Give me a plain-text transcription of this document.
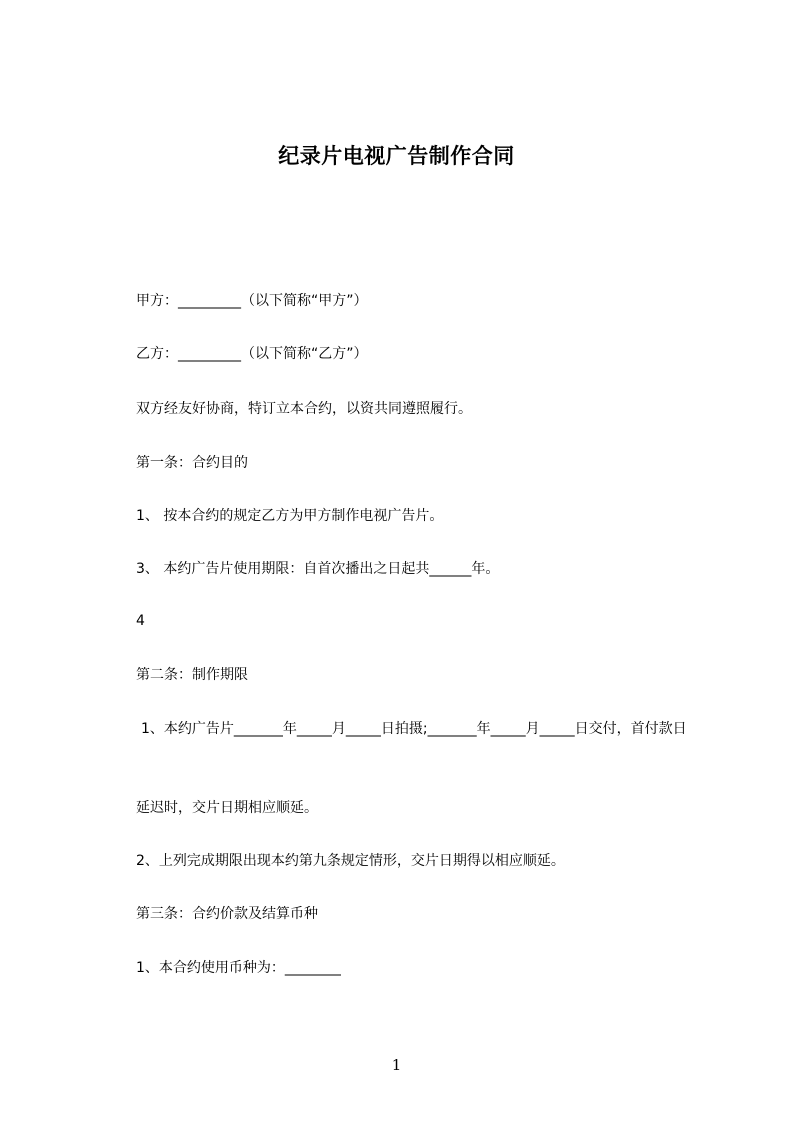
纪录片电视广告制作合同

甲方：_________（以下简称“甲方”）

乙方：_________（以下简称“乙方”）

双方经友好协商，特订立本合约，以资共同遵照履行。

第一条：合约目的

1、 按本合约的规定乙方为甲方制作电视广告片。

3、 本约广告片使用期限：自首次播出之日起共______年。

4

第二条：制作期限

1、本约广告片_______年_____月_____日拍摄;_______年_____月_____日交付，首付款日

延迟时，交片日期相应顺延。

2、上列完成期限出现本约第九条规定情形，交片日期得以相应顺延。

第三条：合约价款及结算币种

1、本合约使用币种为：________

1
